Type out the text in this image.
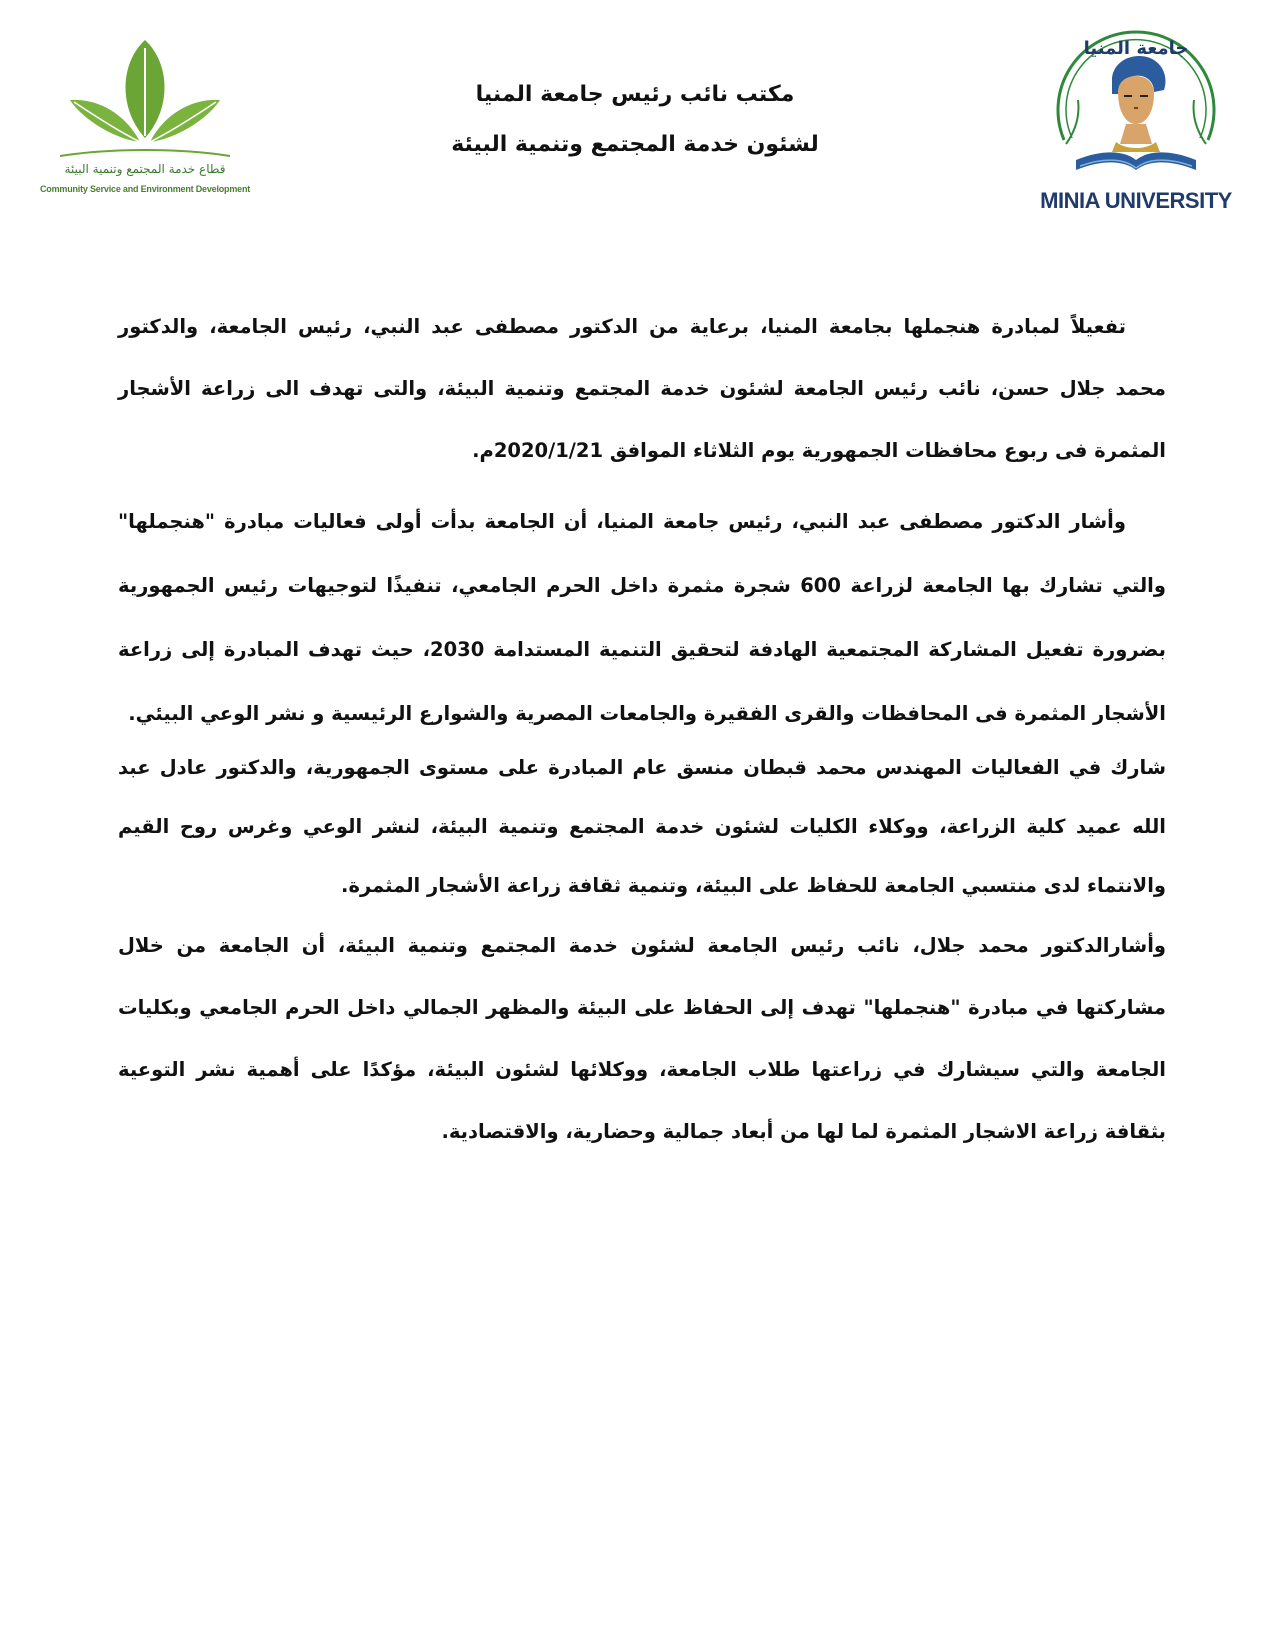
قطاع خدمة المجتمع وتنمية البيئة
Community Service and Environment Development
مكتب نائب رئيس جامعة المنيا
لشئون خدمة المجتمع وتنمية البيئة
جامعة المنيا
MINIA UNIVERSITY

تفعيلاً لمبادرة هنجملها بجامعة المنيا، برعاية من الدكتور مصطفى عبد النبي، رئيس الجامعة، والدكتور محمد جلال حسن، نائب رئيس الجامعة لشئون خدمة المجتمع وتنمية البيئة، والتى تهدف الى زراعة الأشجار المثمرة فى ربوع محافظات الجمهورية يوم الثلاثاء الموافق 2020/1/21م.

وأشار الدكتور مصطفى عبد النبي، رئيس جامعة المنيا، أن الجامعة بدأت أولى فعاليات مبادرة "هنجملها" والتي تشارك بها الجامعة لزراعة 600 شجرة مثمرة داخل الحرم الجامعي، تنفيذًا لتوجيهات رئيس الجمهورية بضرورة تفعيل المشاركة المجتمعية الهادفة لتحقيق التنمية المستدامة 2030، حيث تهدف المبادرة إلى زراعة الأشجار المثمرة فى المحافظات والقرى الفقيرة والجامعات المصرية والشوارع الرئيسية و نشر الوعي البيئي.

شارك في الفعاليات المهندس محمد قبطان منسق عام المبادرة على مستوى الجمهورية، والدكتور عادل عبد الله عميد كلية الزراعة، ووكلاء الكليات لشئون خدمة المجتمع وتنمية البيئة، لنشر الوعي وغرس روح القيم والانتماء لدى منتسبي الجامعة للحفاظ على البيئة، وتنمية ثقافة زراعة الأشجار المثمرة.

وأشارالدكتور محمد جلال، نائب رئيس الجامعة لشئون خدمة المجتمع وتنمية البيئة، أن الجامعة من خلال مشاركتها في مبادرة "هنجملها" تهدف إلى الحفاظ على البيئة والمظهر الجمالي داخل الحرم الجامعي وبكليات الجامعة والتي سيشارك في زراعتها طلاب الجامعة، ووكلائها لشئون البيئة، مؤكدًا على أهمية نشر التوعية بثقافة زراعة الاشجار المثمرة لما لها من أبعاد جمالية وحضارية، والاقتصادية.
